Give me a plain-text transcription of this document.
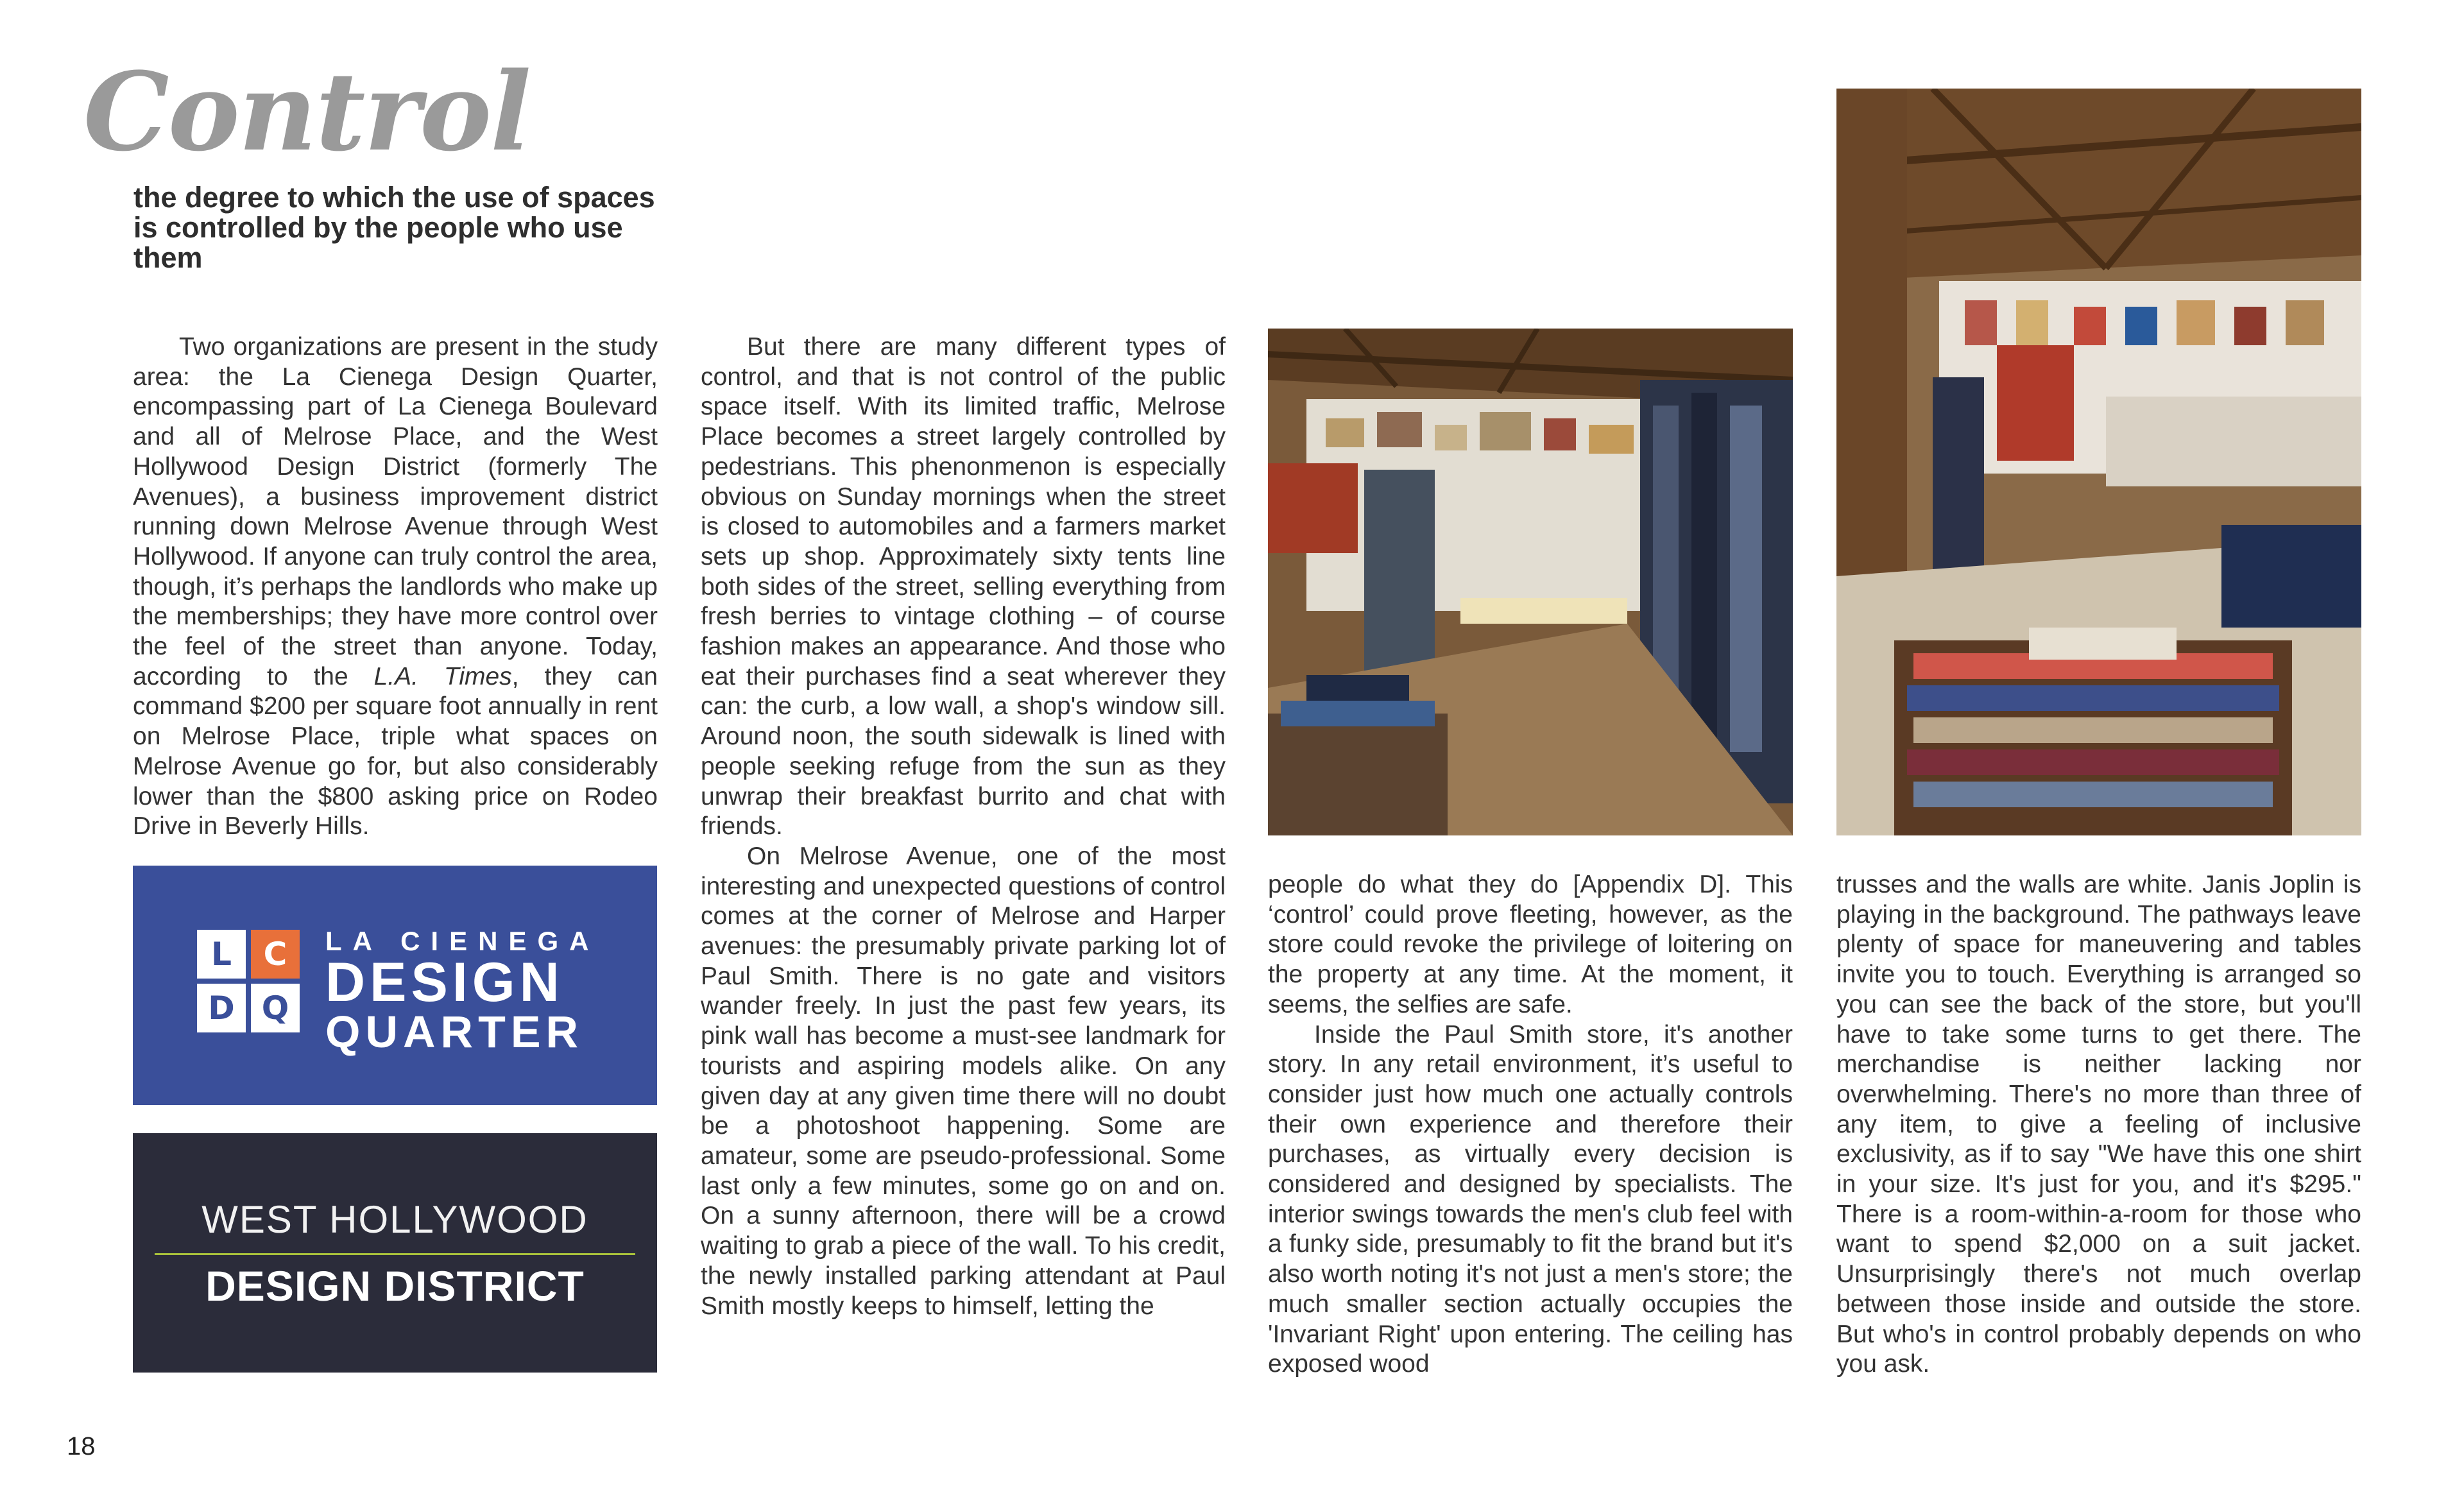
Control

the degree to which the use of spaces is controlled by the people who use them

Two organizations are present in the study area: the La Cienega Design Quarter, encompassing part of La Cienega Boulevard and all of Melrose Place, and the West Hollywood Design District (formerly The Avenues), a business improvement district running down Melrose Avenue through West Hollywood. If anyone can truly control the area, though, it’s perhaps the landlords who make up the memberships; they have more control over the feel of the street than anyone. Today, according to the L.A. Times, they can command $200 per square foot annually in rent on Melrose Place, triple what spaces on Melrose Avenue go for, but also considerably lower than the $800 asking price on Rodeo Drive in Beverly Hills.

L C
D Q
LA CIENEGA
DESIGN
QUARTER
WEST HOLLYWOOD
DESIGN DISTRICT

But there are many different types of control, and that is not control of the public space itself. With its limited traffic, Melrose Place becomes a street largely controlled by pedestrians. This phenonmenon is especially obvious on Sunday mornings when the street is closed to automobiles and a farmers market sets up shop. Approximately sixty tents line both sides of the street, selling everything from fresh berries to vintage clothing – of course fashion makes an appearance. And those who eat their purchases find a seat wherever they can: the curb, a low wall, a shop's window sill. Around noon, the south sidewalk is lined with people seeking refuge from the sun as they unwrap their breakfast burrito and chat with friends.

On Melrose Avenue, one of the most interesting and unexpected questions of control comes at the corner of Melrose and Harper avenues: the presumably private parking lot of Paul Smith. There is no gate and visitors wander freely. In just the past few years, its pink wall has become a must-see landmark for tourists and aspiring models alike. On any given day at any given time there will no doubt be a photoshoot happening. Some are amateur, some are pseudo-professional. Some last only a few minutes, some go on and on. On a sunny afternoon, there will be a crowd waiting to grab a piece of the wall. To his credit, the newly installed parking attendant at Paul Smith mostly keeps to himself, letting the

people do what they do [Appendix D]. This ‘control’ could prove fleeting, however, as the store could revoke the privilege of loitering on the property at any time. At the moment, it seems, the selfies are safe.

Inside the Paul Smith store, it's another story. In any retail environment, it’s useful to consider just how much one actually controls their own experience and therefore their purchases, as virtually every decision is considered and designed by specialists. The interior swings towards the men's club feel with a funky side, presumably to fit the brand but it's also worth noting it's not just a men's store; the much smaller section actually occupies the 'Invariant Right' upon entering. The ceiling has exposed wood

trusses and the walls are white. Janis Joplin is playing in the background. The pathways leave plenty of space for maneuvering and tables invite you to touch. Everything is arranged so you can see the back of the store, but you'll have to take some turns to get there. The merchandise is neither lacking nor overwhelming. There's no more than three of any item, to give a feeling of inclusive exclusivity, as if to say "We have this one shirt in your size. It's just for you, and it's $295." There is a room-within-a-room for those who want to spend $2,000 on a suit jacket. Unsurprisingly there's not much overlap between those inside and outside the store. But who's in control probably depends on who you ask.

18
